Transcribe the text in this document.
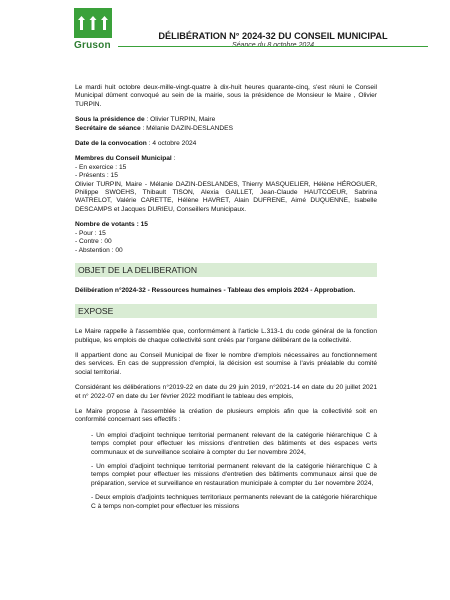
Gruson
DÉLIBÉRATION N° 2024-32 DU CONSEIL MUNICIPAL

Le mardi huit octobre deux-mille-vingt-quatre à dix-huit heures quarante-cinq, s'est réuni le Conseil Municipal dûment convoqué au sein de la mairie, sous la présidence de Monsieur le Maire , Olivier TURPIN.

Sous la présidence de : Olivier TURPIN, Maire
Secrétaire de séance : Mélanie DAZIN-DESLANDES
Date de la convocation : 4 octobre 2024
Membres du Conseil Municipal :
- En exercice : 15
- Présents : 15
Olivier TURPIN, Maire - Mélanie DAZIN-DESLANDES, Thierry MASQUELIER, Hélène HÉROGUER, Philippe SWOEHS, Thibault TISON, Alexia GAILLET, Jean-Claude HAUTCOEUR, Sabrina WATRELOT, Valérie CARETTE, Hélène HAVRET, Alain DUFRENE, Aimé DUQUENNE, Isabelle DESCAMPS et Jacques DURIEU, Conseillers Municipaux.
Nombre de votants : 15
- Pour : 15
- Contre : 00
- Abstention : 00
OBJET DE LA DELIBERATION

Délibération n°2024-32 - Ressources humaines - Tableau des emplois 2024 - Approbation.

EXPOSE

Le Maire rappelle à l'assemblée que, conformément à l'article L.313-1 du code général de la fonction publique, les emplois de chaque collectivité sont créés par l'organe délibérant de la collectivité.

Il appartient donc au Conseil Municipal de fixer le nombre d'emplois nécessaires au fonctionnement des services. En cas de suppression d'emploi, la décision est soumise à l'avis préalable du comité social territorial.

Considérant les délibérations n°2019-22 en date du 29 juin 2019, n°2021-14 en date du 20 juillet 2021 et n° 2022-07 en date du 1er février 2022 modifiant le tableau des emplois,

Le Maire propose à l'assemblée la création de plusieurs emplois afin que la collectivité soit en conformité concernant ses effectifs :

- Un emploi d'adjoint technique territorial permanent relevant de la catégorie hiérarchique C à temps complet pour effectuer les missions d'entretien des bâtiments et des espaces verts communaux et de surveillance scolaire à compter du 1er novembre 2024,
- Un emploi d'adjoint technique territorial permanent relevant de la catégorie hiérarchique C à temps complet pour effectuer les missions d'entretien des bâtiments communaux ainsi que de préparation, service et surveillance en restauration municipale à compter du 1er novembre 2024,
- Deux emplois d'adjoints techniques territoriaux permanents relevant de la catégorie hiérarchique C à temps non-complet pour effectuer les missions
